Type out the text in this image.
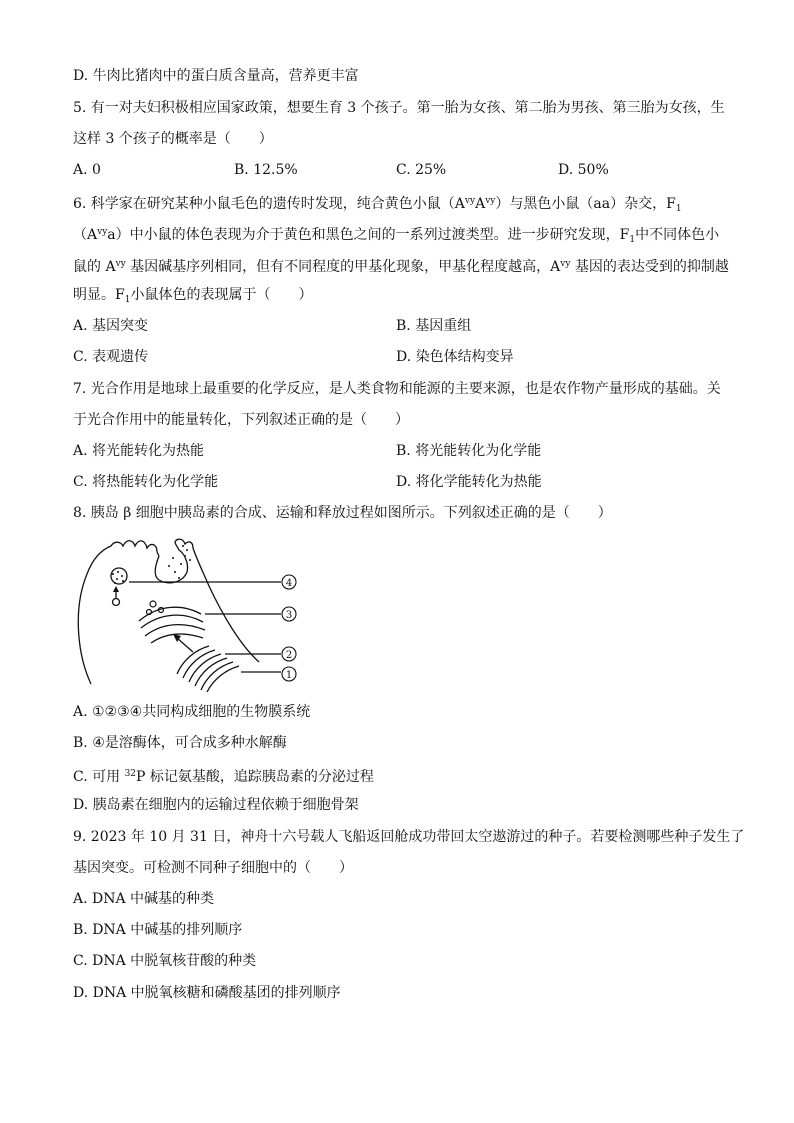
D. 牛肉比猪肉中的蛋白质含量高，营养更丰富
5. 有一对夫妇积极相应国家政策，想要生育 3 个孩子。第一胎为女孩、第二胎为男孩、第三胎为女孩，生
这样 3 个孩子的概率是（　　）
A. 0	B. 12.5%	C. 25%	D. 50%
6. 科学家在研究某种小鼠毛色的遗传时发现，纯合黄色小鼠$(A^{vy}A^{vy})$与黑色小鼠（aa）杂交，$F_1$
$(A^{vy}a)$中小鼠的体色表现为介于黄色和黑色之间的一系列过渡类型。进一步研究发现，$F_1$中不同体色小
鼠的 $A^{vy}$ 基因碱基序列相同，但有不同程度的甲基化现象，甲基化程度越高，$A^{vy}$ 基因的表达受到的抑制越
明显。$F_1$小鼠体色的表现属于（　　）
A. 基因突变	B. 基因重组
C. 表观遗传	D. 染色体结构变异
7. 光合作用是地球上最重要的化学反应，是人类食物和能源的主要来源，也是农作物产量形成的基础。关
于光合作用中的能量转化，下列叙述正确的是（　　）
A. 将光能转化为热能	B. 将光能转化为化学能
C. 将热能转化为化学能	D. 将化学能转化为热能
8. 胰岛 β 细胞中胰岛素的合成、运输和释放过程如图所示。下列叙述正确的是（　　）
4
3
2
1
A. ①②③④共同构成细胞的生物膜系统
B. ④是溶酶体，可合成多种水解酶
C. 可用 $^{32}$P 标记氨基酸，追踪胰岛素的分泌过程
D. 胰岛素在细胞内的运输过程依赖于细胞骨架
9. 2023 年 10 月 31 日，神舟十六号载人飞船返回舱成功带回太空遨游过的种子。若要检测哪些种子发生了
基因突变。可检测不同种子细胞中的（　　）
A. DNA 中碱基的种类
B. DNA 中碱基的排列顺序
C. DNA 中脱氧核苷酸的种类
D. DNA 中脱氧核糖和磷酸基团的排列顺序
